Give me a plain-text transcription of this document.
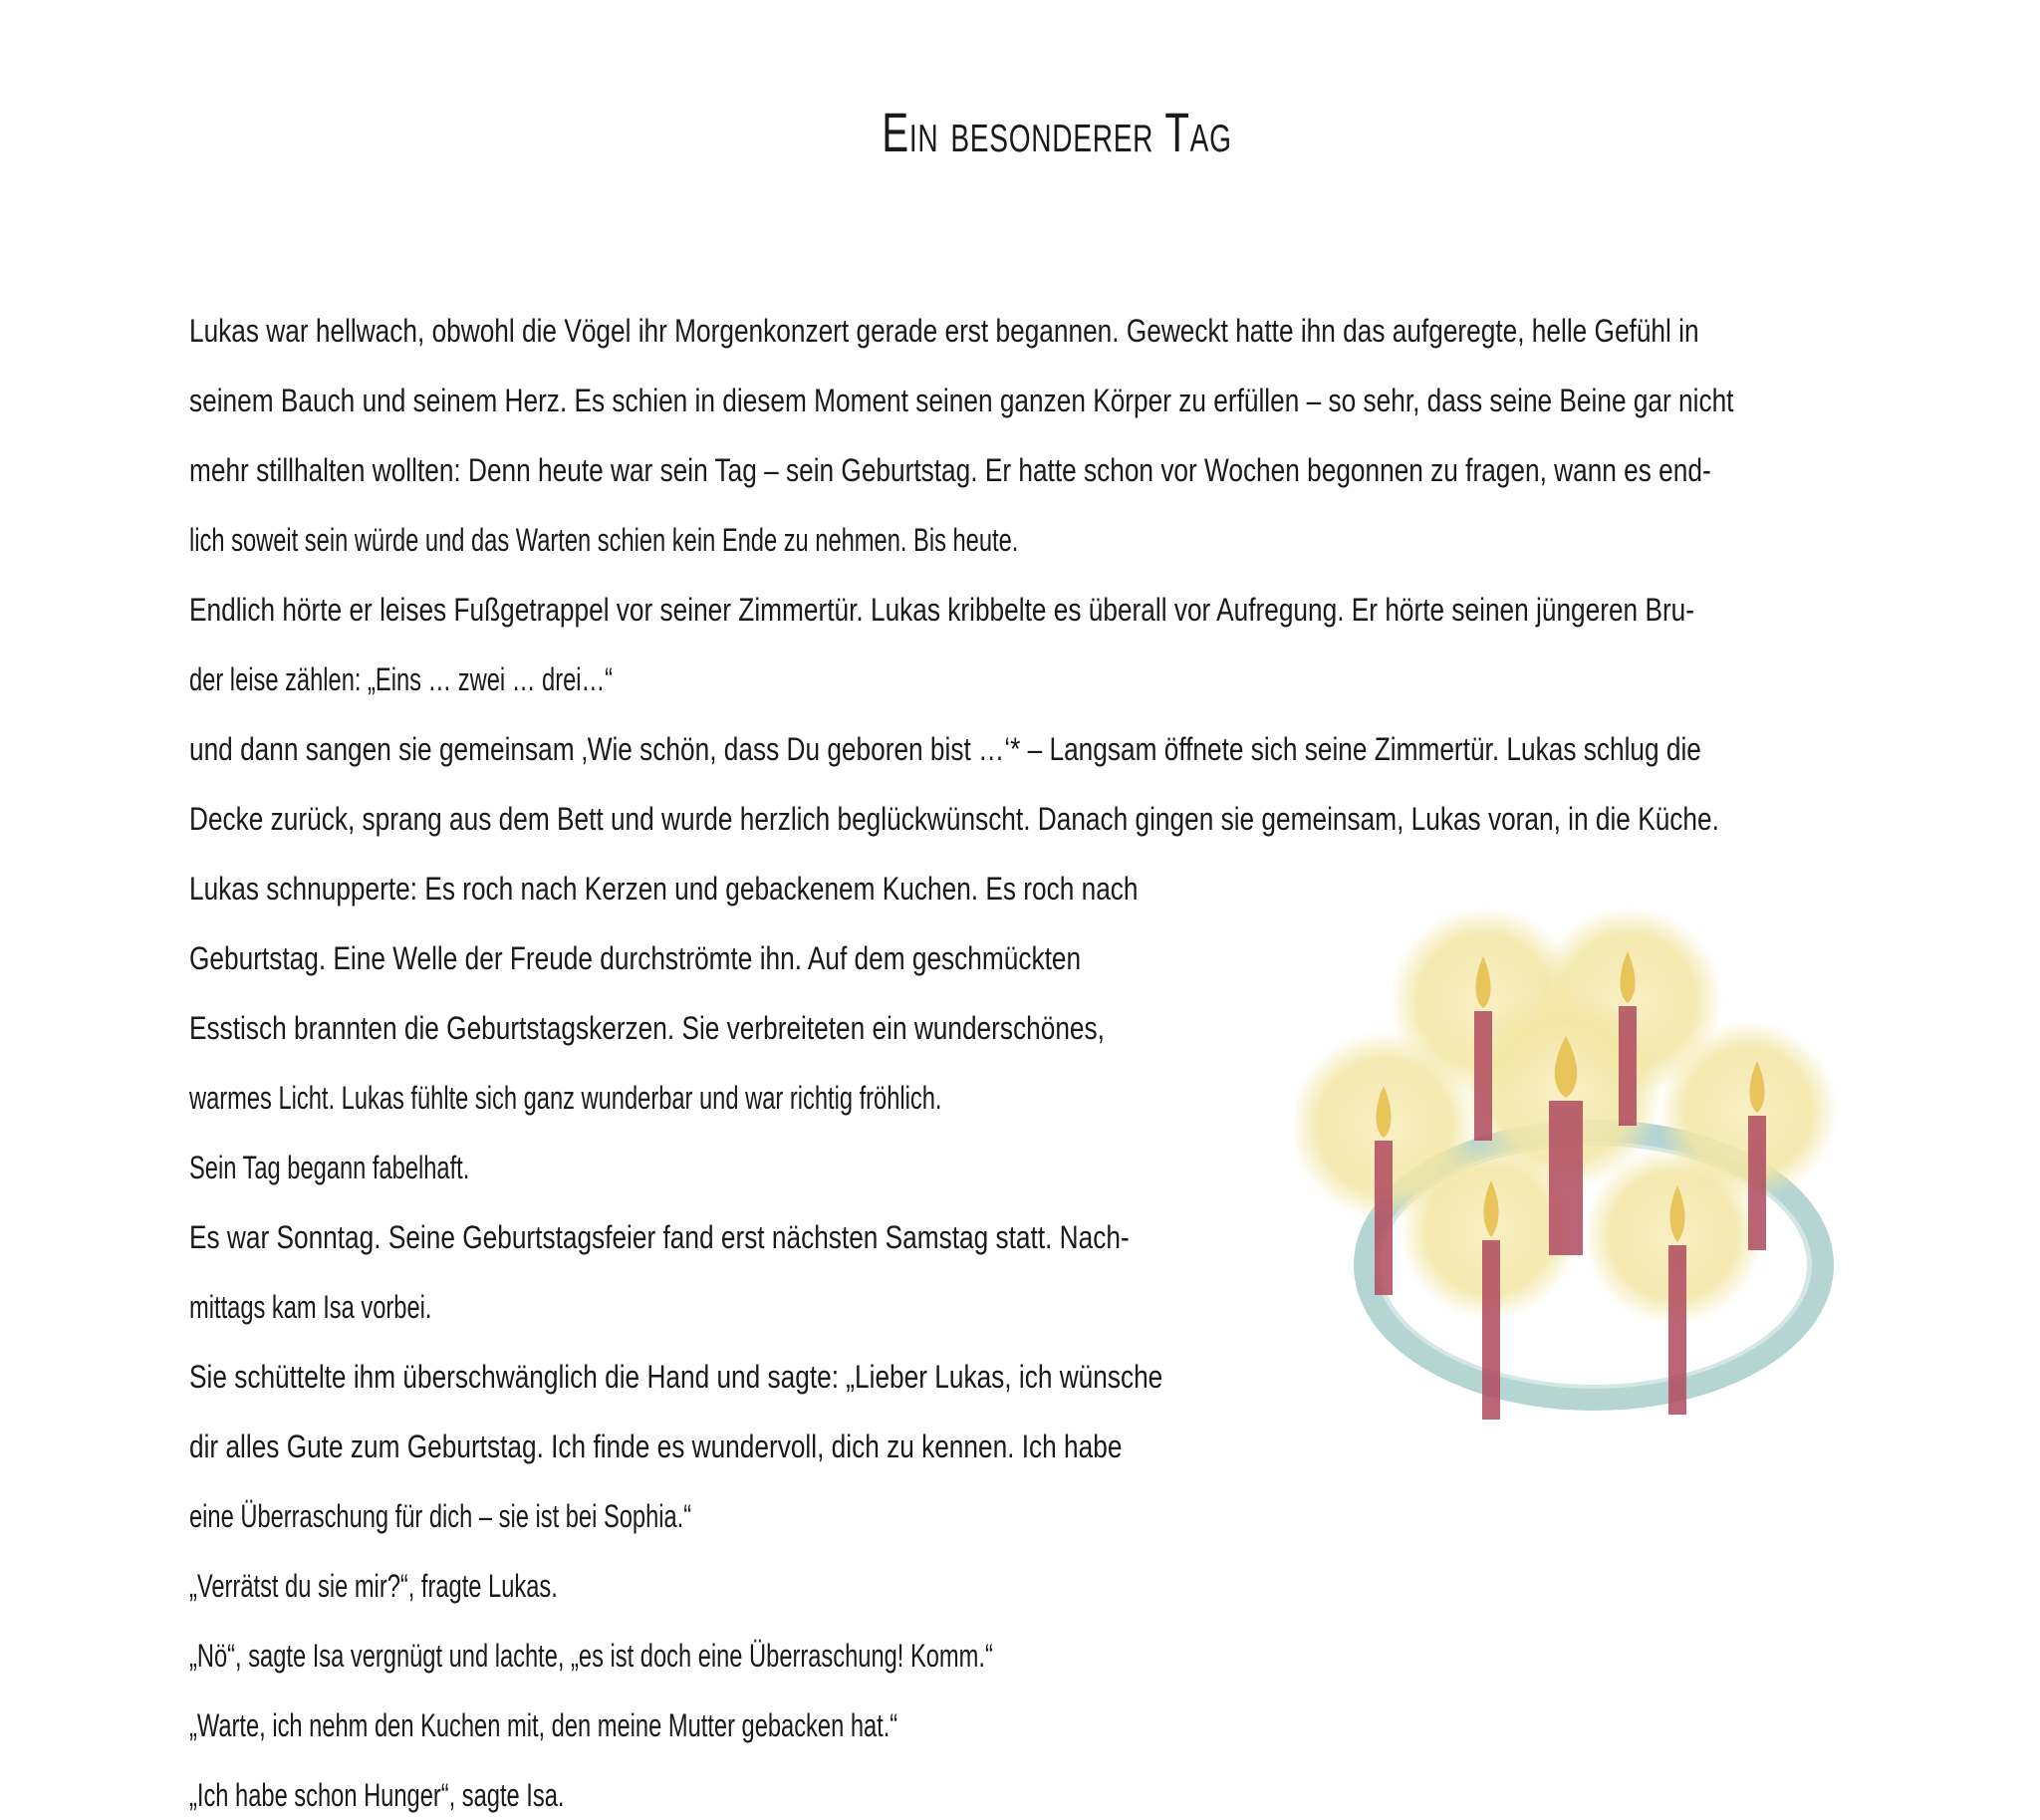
Ein besonderer Tag
Lukas war hellwach, obwohl die Vögel ihr Morgenkonzert gerade erst begannen. Geweckt hatte ihn das aufgeregte, helle Gefühl in
seinem Bauch und seinem Herz. Es schien in diesem Moment seinen ganzen Körper zu erfüllen – so sehr, dass seine Beine gar nicht
mehr stillhalten wollten: Denn heute war sein Tag – sein Geburtstag. Er hatte schon vor Wochen begonnen zu fragen, wann es end-
lich soweit sein würde und das Warten schien kein Ende zu nehmen. Bis heute.
Endlich hörte er leises Fußgetrappel vor seiner Zimmertür. Lukas kribbelte es überall vor Aufregung. Er hörte seinen jüngeren Bru-
der leise zählen: „Eins … zwei … drei…“
und dann sangen sie gemeinsam ‚Wie schön, dass Du geboren bist …‘* – Langsam öffnete sich seine Zimmertür. Lukas schlug die
Decke zurück, sprang aus dem Bett und wurde herzlich beglückwünscht. Danach gingen sie gemeinsam, Lukas voran, in die Küche.
Lukas schnupperte: Es roch nach Kerzen und gebackenem Kuchen. Es roch nach
Geburtstag. Eine Welle der Freude durchströmte ihn. Auf dem geschmückten
Esstisch brannten die Geburtstagskerzen. Sie verbreiteten ein wunderschönes,
warmes Licht. Lukas fühlte sich ganz wunderbar und war richtig fröhlich.
Sein Tag begann fabelhaft.
Es war Sonntag. Seine Geburtstagsfeier fand erst nächsten Samstag statt. Nach-
mittags kam Isa vorbei.
Sie schüttelte ihm überschwänglich die Hand und sagte: „Lieber Lukas, ich wünsche
dir alles Gute zum Geburtstag. Ich finde es wundervoll, dich zu kennen. Ich habe
eine Überraschung für dich – sie ist bei Sophia.“
„Verrätst du sie mir?“, fragte Lukas.
„Nö“, sagte Isa vergnügt und lachte, „es ist doch eine Überraschung! Komm.“
„Warte, ich nehm den Kuchen mit, den meine Mutter gebacken hat.“
„Ich habe schon Hunger“, sagte Isa.
